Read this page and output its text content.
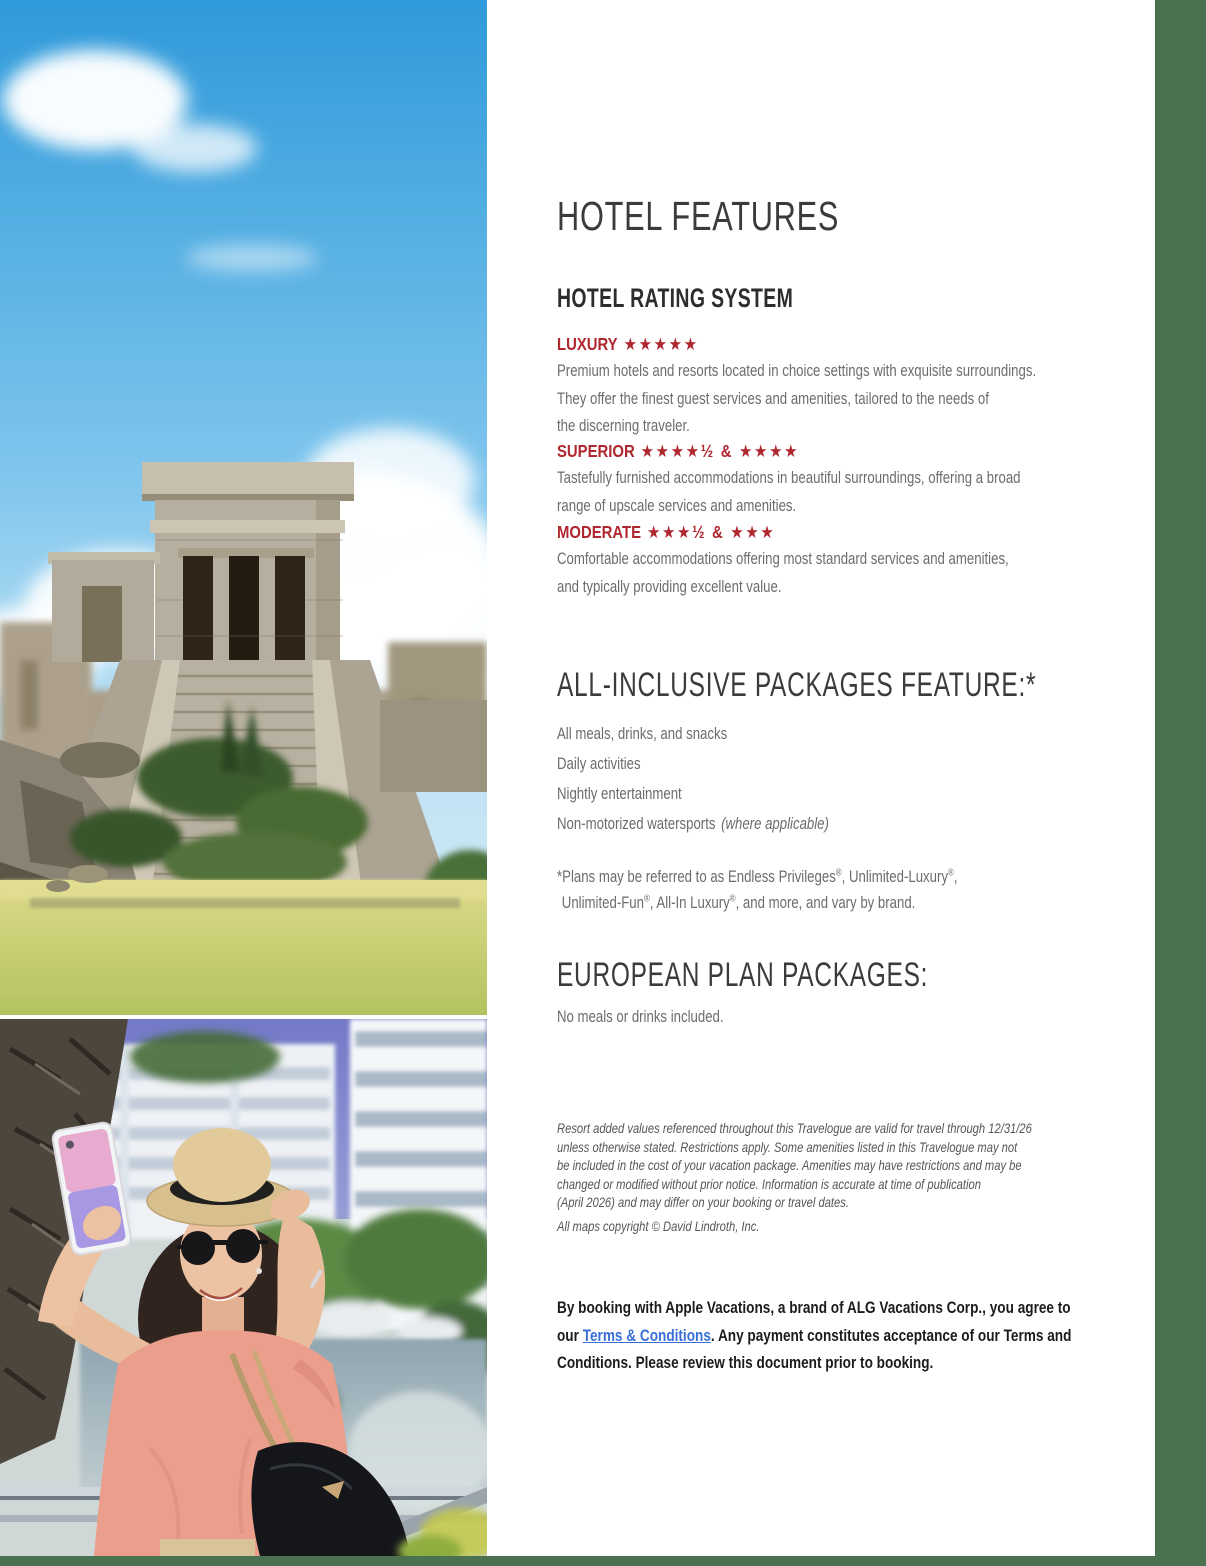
HOTEL FEATURES
HOTEL RATING SYSTEM
LUXURY ★★★★★
Premium hotels and resorts located in choice settings with exquisite surroundings.
They offer the finest guest services and amenities, tailored to the needs of
the discerning traveler.
SUPERIOR ★★★★½ & ★★★★
Tastefully furnished accommodations in beautiful surroundings, offering a broad
range of upscale services and amenities.
MODERATE ★★★½ & ★★★
Comfortable accommodations offering most standard services and amenities,
and typically providing excellent value.
ALL-INCLUSIVE PACKAGES FEATURE:*
All meals, drinks, and snacks
Daily activities
Nightly entertainment
Non-motorized watersports (where applicable)
*Plans may be referred to as Endless Privileges®, Unlimited-Luxury®,
Unlimited-Fun®, All-In Luxury®, and more, and vary by brand.
EUROPEAN PLAN PACKAGES:
No meals or drinks included.
Resort added values referenced throughout this Travelogue are valid for travel through 12/31/26
unless otherwise stated. Restrictions apply. Some amenities listed in this Travelogue may not
be included in the cost of your vacation package. Amenities may have restrictions and may be
changed or modified without prior notice. Information is accurate at time of publication
(April 2026) and may differ on your booking or travel dates.
All maps copyright © David Lindroth, Inc.
By booking with Apple Vacations, a brand of ALG Vacations Corp., you agree to
our Terms & Conditions. Any payment constitutes acceptance of our Terms and
Conditions. Please review this document prior to booking.
